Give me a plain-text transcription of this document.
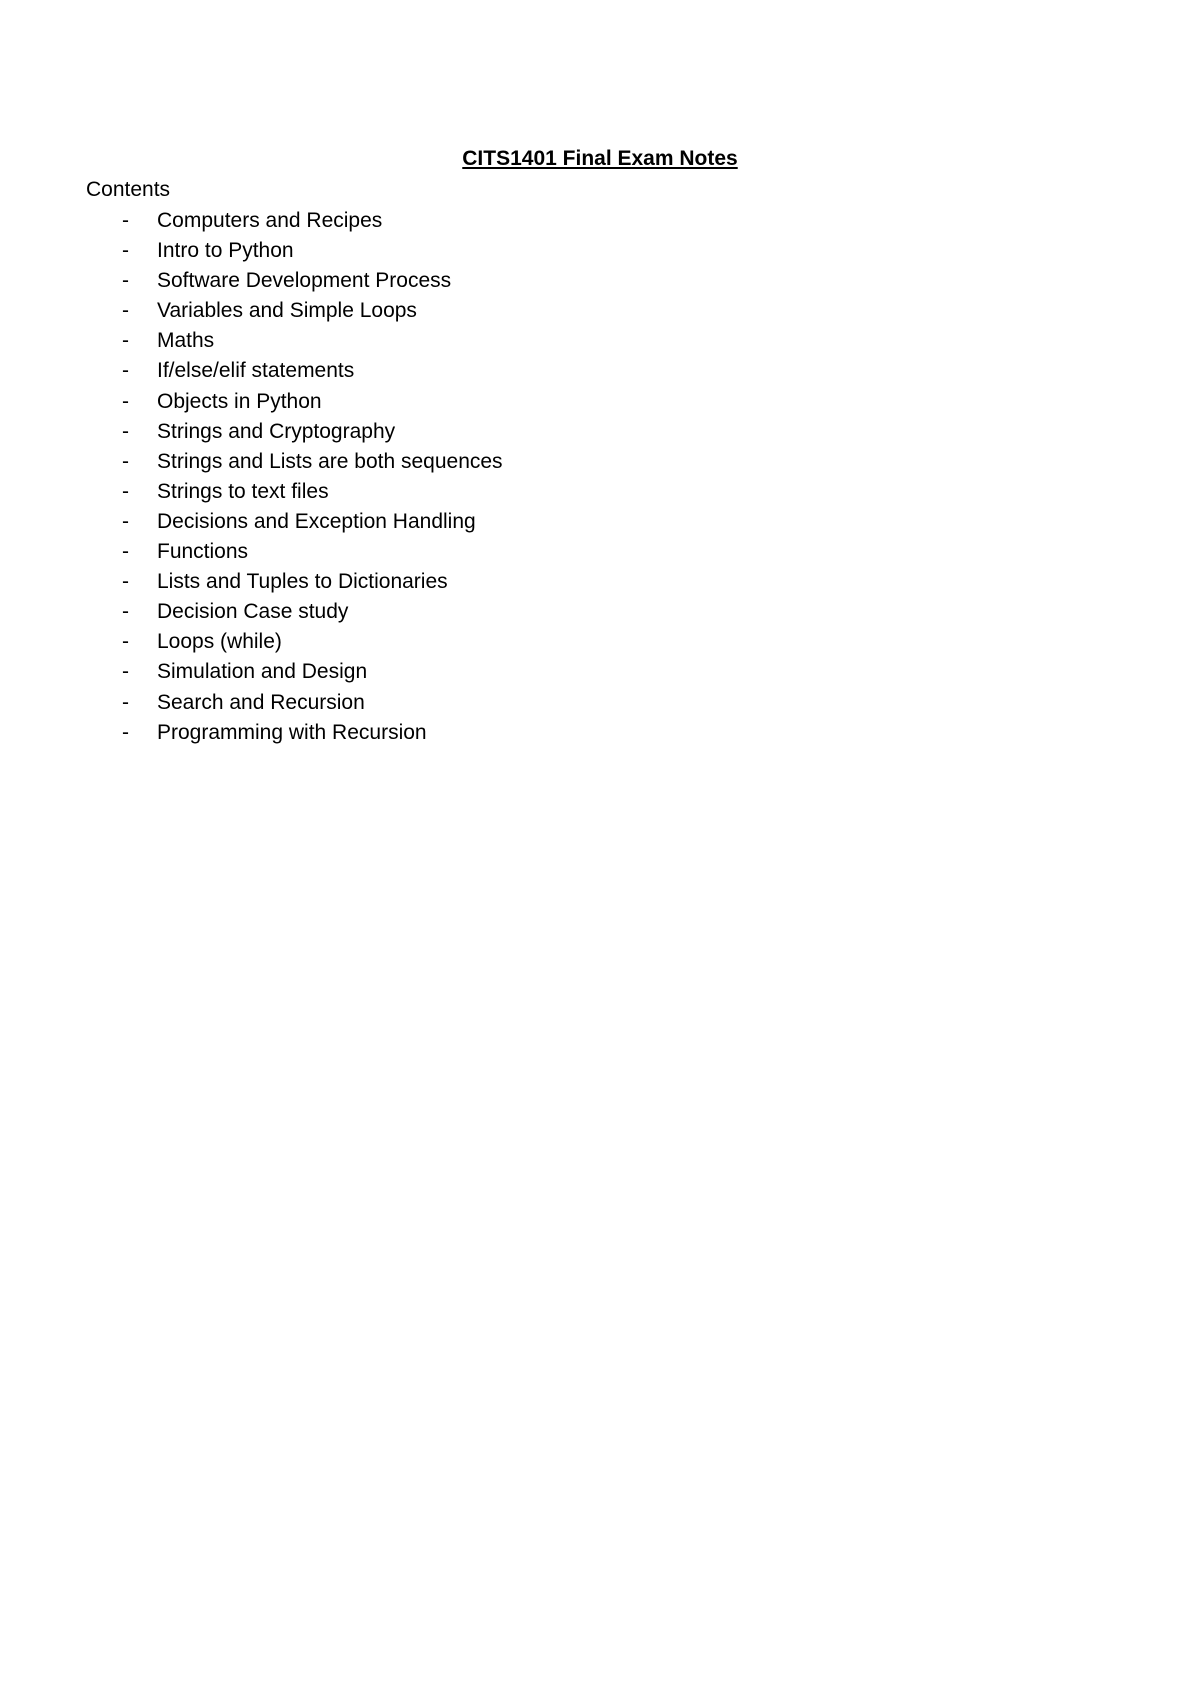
CITS1401 Final Exam Notes
Contents
- Computers and Recipes
- Intro to Python
- Software Development Process
- Variables and Simple Loops
- Maths
- If/else/elif statements
- Objects in Python
- Strings and Cryptography
- Strings and Lists are both sequences
- Strings to text files
- Decisions and Exception Handling
- Functions
- Lists and Tuples to Dictionaries
- Decision Case study
- Loops (while)
- Simulation and Design
- Search and Recursion
- Programming with Recursion
